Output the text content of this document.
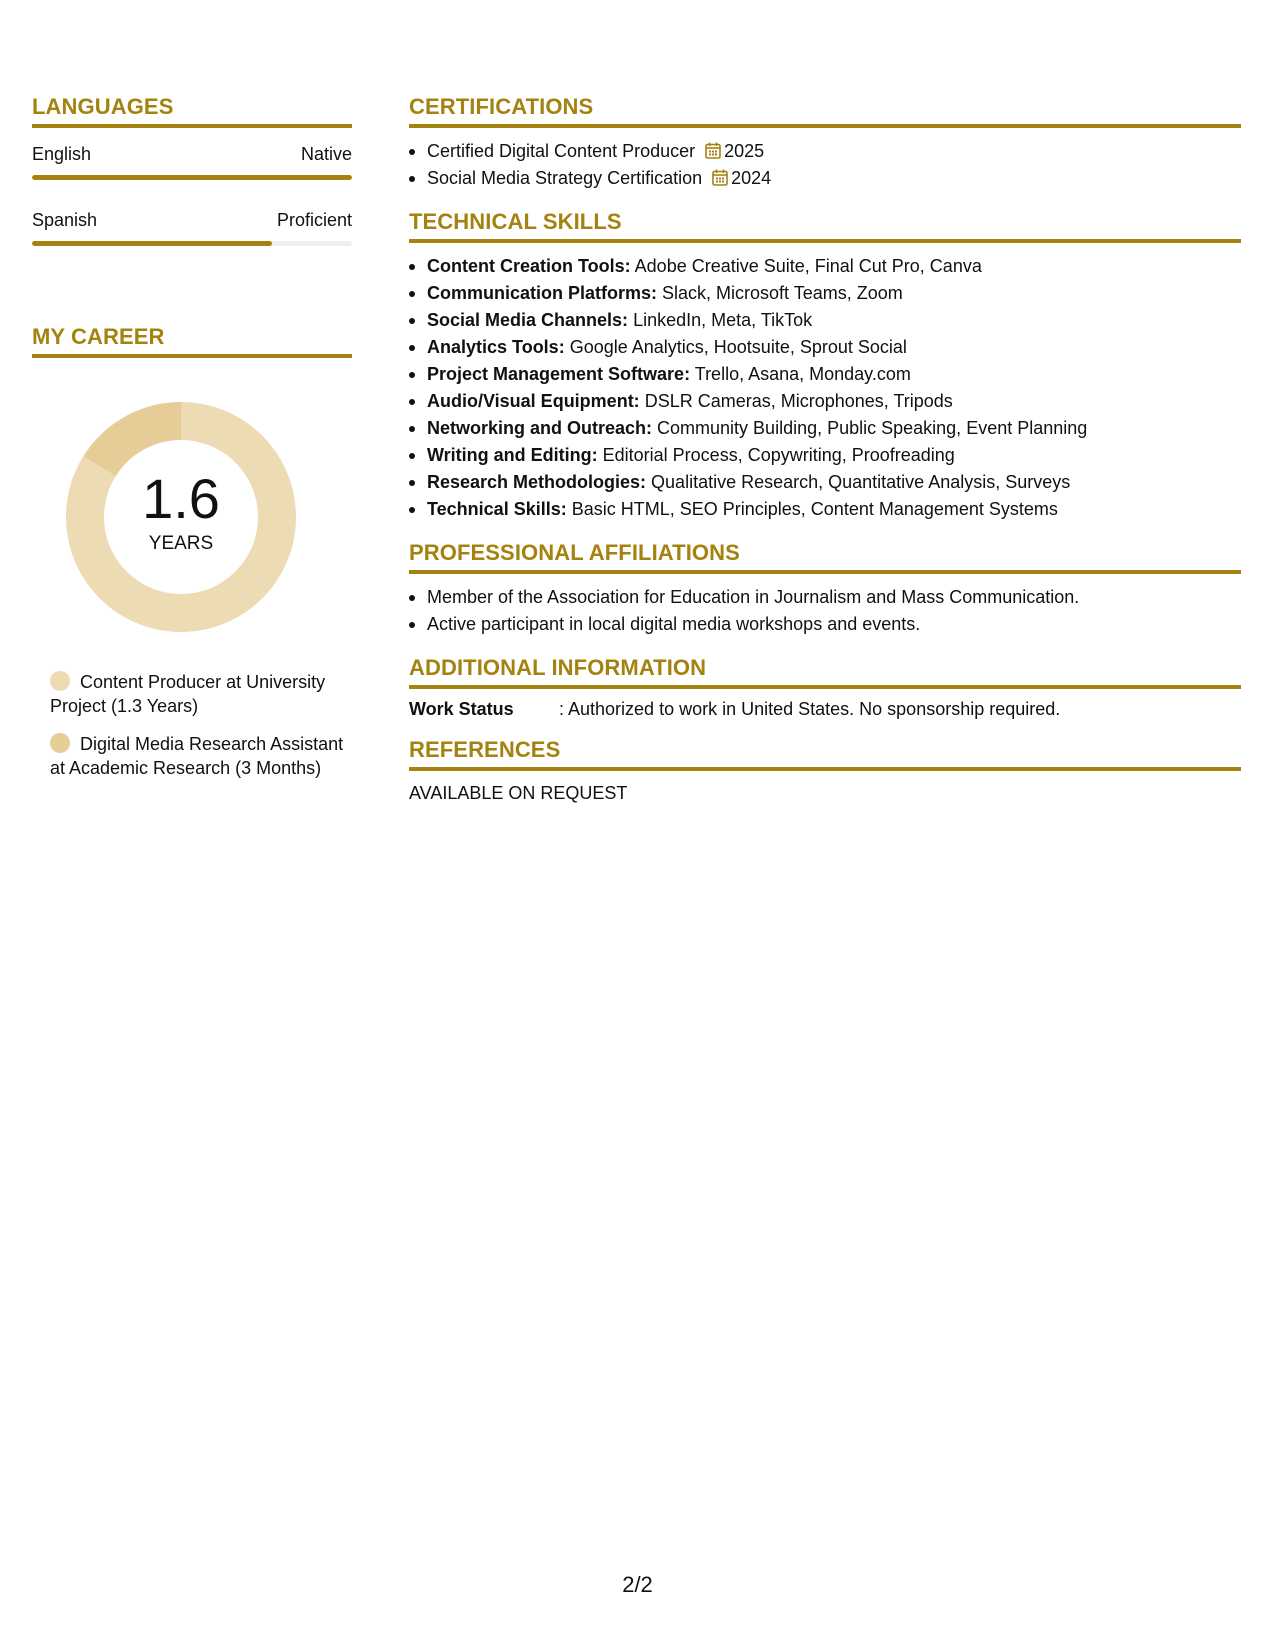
LANGUAGES
English	Native
Spanish	Proficient
MY CAREER
1.6
YEARS
Content Producer at University Project (1.3 Years)
Digital Media Research Assistant at Academic Research (3 Months)
CERTIFICATIONS
Certified Digital Content Producer 2025
Social Media Strategy Certification 2024
TECHNICAL SKILLS
Content Creation Tools: Adobe Creative Suite, Final Cut Pro, Canva
Communication Platforms: Slack, Microsoft Teams, Zoom
Social Media Channels: LinkedIn, Meta, TikTok
Analytics Tools: Google Analytics, Hootsuite, Sprout Social
Project Management Software: Trello, Asana, Monday.com
Audio/Visual Equipment: DSLR Cameras, Microphones, Tripods
Networking and Outreach: Community Building, Public Speaking, Event Planning
Writing and Editing: Editorial Process, Copywriting, Proofreading
Research Methodologies: Qualitative Research, Quantitative Analysis, Surveys
Technical Skills: Basic HTML, SEO Principles, Content Management Systems
PROFESSIONAL AFFILIATIONS
Member of the Association for Education in Journalism and Mass Communication.
Active participant in local digital media workshops and events.
ADDITIONAL INFORMATION
Work Status	: Authorized to work in United States. No sponsorship required.
REFERENCES
AVAILABLE ON REQUEST
2/2
